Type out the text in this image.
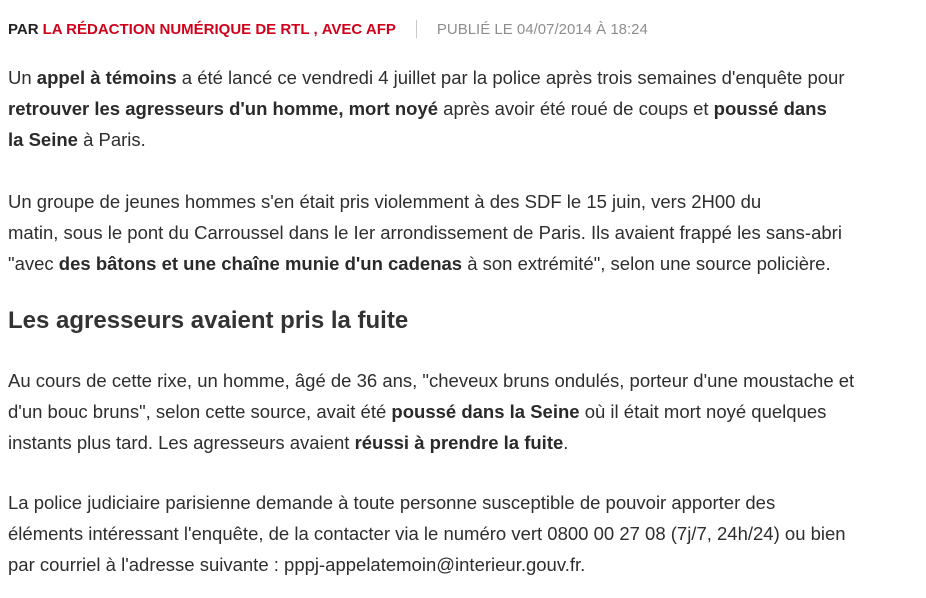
PAR LA RÉDACTION NUMÉRIQUE DE RTL , AVEC AFP	PUBLIÉ LE 04/07/2014 À 18:24

Un appel à témoins a été lancé ce vendredi 4 juillet par la police après trois semaines d'enquête pour
retrouver les agresseurs d'un homme, mort noyé après avoir été roué de coups et poussé dans
la Seine à Paris.

Un groupe de jeunes hommes s'en était pris violemment à des SDF le 15 juin, vers 2H00 du
matin, sous le pont du Carroussel dans le Ier arrondissement de Paris. Ils avaient frappé les sans-abri
"avec des bâtons et une chaîne munie d'un cadenas à son extrémité", selon une source policière.

Les agresseurs avaient pris la fuite

Au cours de cette rixe, un homme, âgé de 36 ans, "cheveux bruns ondulés, porteur d'une moustache et
d'un bouc bruns", selon cette source, avait été poussé dans la Seine où il était mort noyé quelques
instants plus tard. Les agresseurs avaient réussi à prendre la fuite.

La police judiciaire parisienne demande à toute personne susceptible de pouvoir apporter des
éléments intéressant l'enquête, de la contacter via le numéro vert 0800 00 27 08 (7j/7, 24h/24) ou bien
par courriel à l'adresse suivante : pppj-appelatemoin@interieur.gouv.fr.
